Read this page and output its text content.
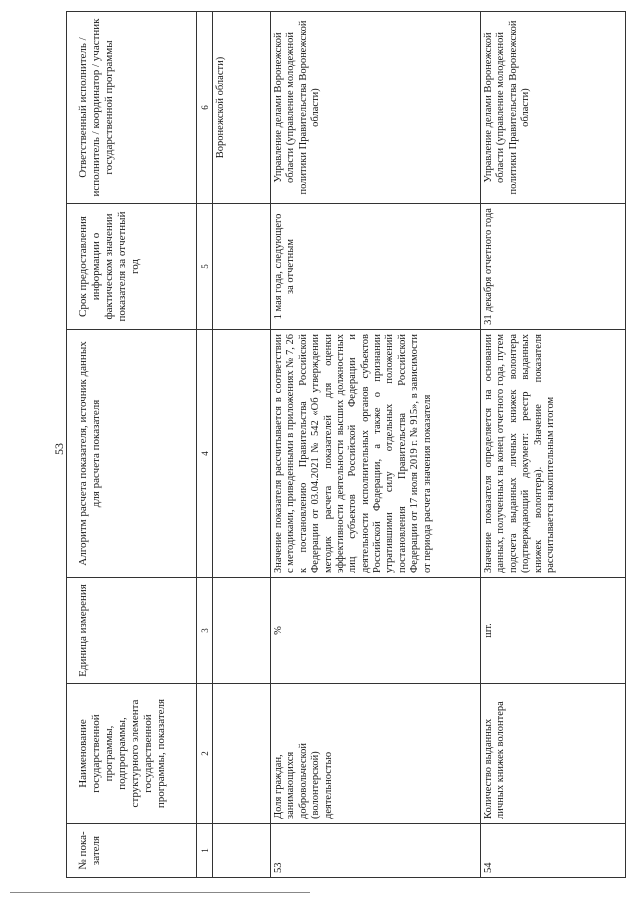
53
№ пока-зателя	Наименование государственной программы, подпрограммы, структурного элемента государственной программы, показателя	Единица измерения	Алгоритм расчета показателя, источник данных для расчета показателя	Срок предоставления информации о фактическом значении показателя за отчетный год	Ответственный исполнитель / исполнитель / координатор / участник государственной программы
1	2	3	4	5	6
					Воронежской области)
53	Доля граждан, занимающихся добровольческой (волонтерской) деятельностью	%	Значение показателя рассчитывается в соответствии с методиками, приведенными в приложениях № 7, 26 к постановлению Правительства Российской Федерации от 03.04.2021 № 542 «Об утверждении методик расчета показателей для оценки эффективности деятельности высших должностных лиц субъектов Российской Федерации и деятельности исполнительных органов субъектов Российской Федерации, а также о признании утратившими силу отдельных положений постановления Правительства Российской Федерации от 17 июля 2019 г. № 915», в зависимости от периода расчета значения показателя	1 мая года, следующего за отчетным	Управление делами Воронежской области (управление молодежной политики Правительства Воронежской области)
54	Количество выданных личных книжек волонтера	шт.	Значение показателя определяется на основании данных, полученных на конец отчетного года, путем подсчета выданных личных книжек волонтера (подтверждающий документ: реестр выданных книжек волонтера). Значение показателя рассчитывается накопительным итогом	31 декабря отчетного года	Управление делами Воронежской области (управление молодежной политики Правительства Воронежской области)
